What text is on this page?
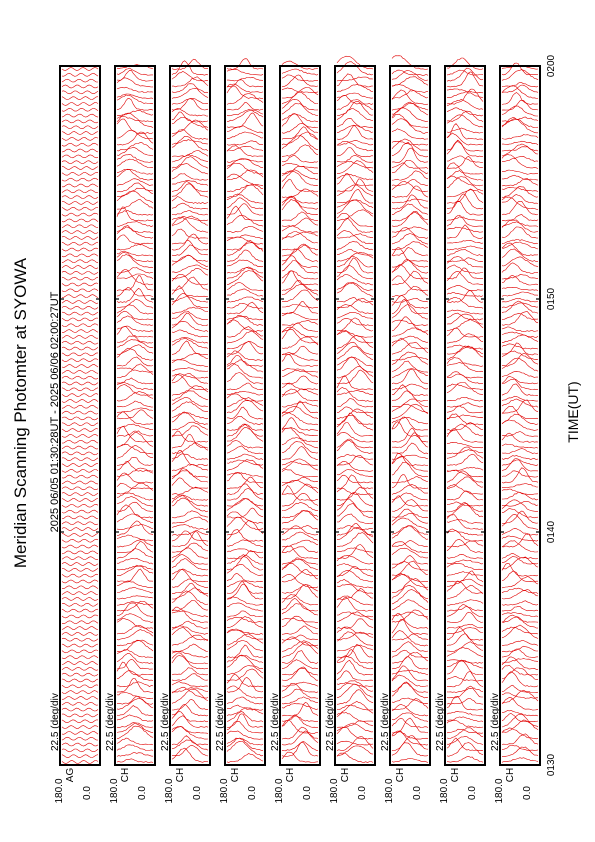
Meridian Scanning Photomter at SYOWA 2025 06/05 01:30:28UT - 2025 06/06 02:00:27UT	TIME(UT)
22.5 (deg/div
180.0 0.0
AG
22.5 (deg/div
180.0 0.0
CH
22.5 (deg/div
180.0 0.0
CH
22.5 (deg/div
180.0 0.0
CH
22.5 (deg/div
180.0 0.0
CH
22.5 (deg/div
180.0 0.0
CH
22.5 (deg/div
180.0 0.0
CH
22.5 (deg/div
180.0 0.0
CH
22.5 (deg/div
180.0 0.0
CH	0130
0140
0150
0200
